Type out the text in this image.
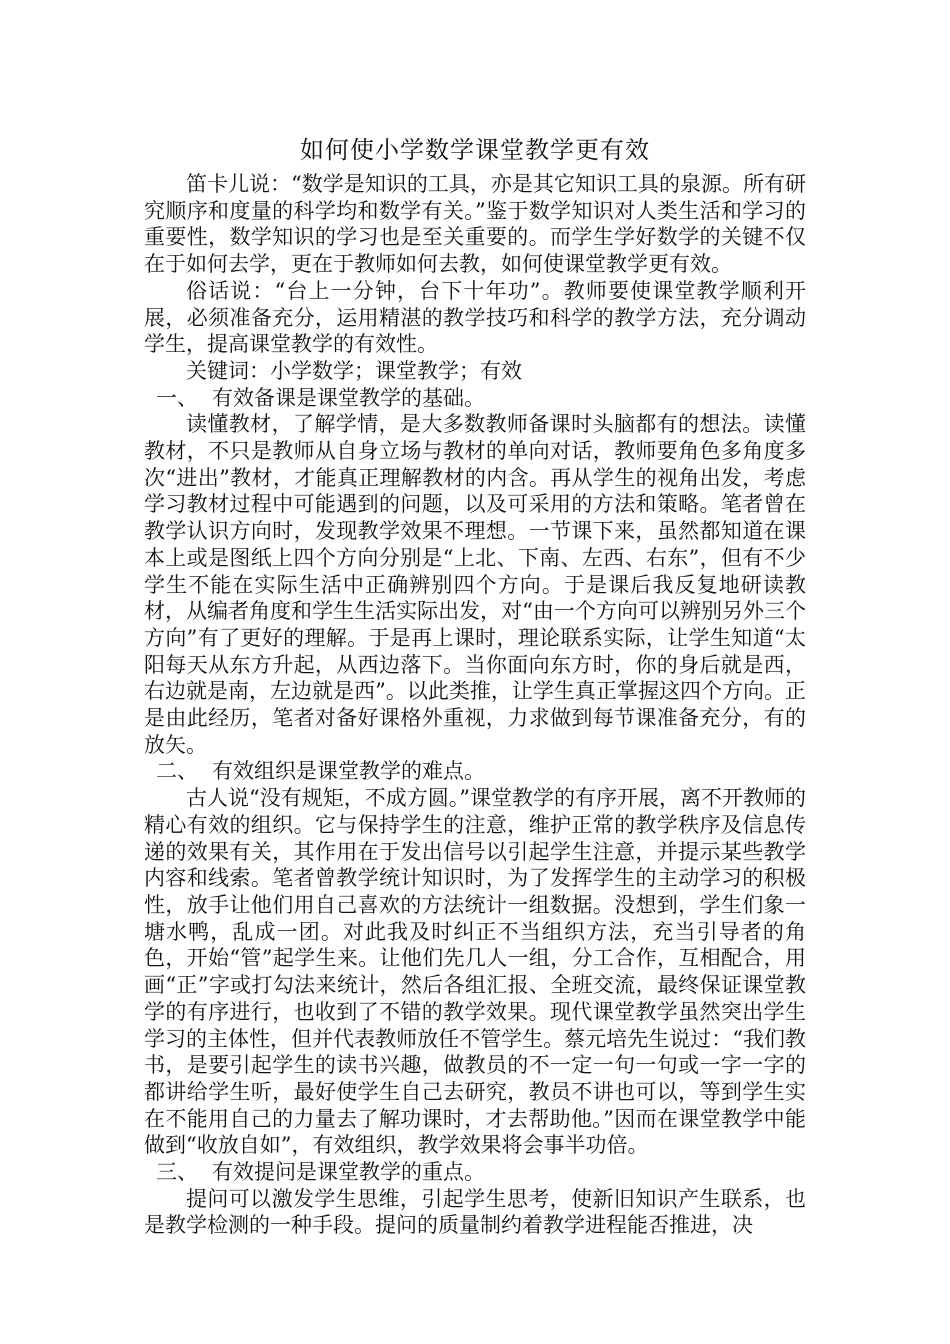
如何使小学数学课堂教学更有效

笛卡儿说：“数学是知识的工具，亦是其它知识工具的泉源。所有研究顺序和度量的科学均和数学有关。”鉴于数学知识对人类生活和学习的重要性，数学知识的学习也是至关重要的。而学生学好数学的关键不仅在于如何去学，更在于教师如何去教，如何使课堂教学更有效。

俗话说：“台上一分钟，台下十年功”。教师要使课堂教学顺利开展，必须准备充分，运用精湛的教学技巧和科学的教学方法，充分调动学生，提高课堂教学的有效性。

关键词：小学数学；课堂教学；有效

一、 有效备课是课堂教学的基础。

读懂教材，了解学情，是大多数教师备课时头脑都有的想法。读懂教材，不只是教师从自身立场与教材的单向对话，教师要角色多角度多次“进出”教材，才能真正理解教材的内含。再从学生的视角出发，考虑学习教材过程中可能遇到的问题，以及可采用的方法和策略。笔者曾在教学认识方向时，发现教学效果不理想。一节课下来，虽然都知道在课本上或是图纸上四个方向分别是“上北、下南、左西、右东”，但有不少学生不能在实际生活中正确辨别四个方向。于是课后我反复地研读教材，从编者角度和学生生活实际出发，对“由一个方向可以辨别另外三个方向”有了更好的理解。于是再上课时，理论联系实际，让学生知道“太阳每天从东方升起，从西边落下。当你面向东方时，你的身后就是西，右边就是南，左边就是西”。以此类推，让学生真正掌握这四个方向。正是由此经历，笔者对备好课格外重视，力求做到每节课准备充分，有的放矢。

二、 有效组织是课堂教学的难点。

古人说“没有规矩，不成方圆。”课堂教学的有序开展，离不开教师的精心有效的组织。它与保持学生的注意，维护正常的教学秩序及信息传递的效果有关，其作用在于发出信号以引起学生注意，并提示某些教学内容和线索。笔者曾教学统计知识时，为了发挥学生的主动学习的积极性，放手让他们用自己喜欢的方法统计一组数据。没想到，学生们象一塘水鸭，乱成一团。对此我及时纠正不当组织方法，充当引导者的角色，开始“管”起学生来。让他们先几人一组，分工合作，互相配合，用画“正”字或打勾法来统计，然后各组汇报、全班交流，最终保证课堂教学的有序进行，也收到了不错的教学效果。现代课堂教学虽然突出学生学习的主体性，但并代表教师放任不管学生。蔡元培先生说过：“我们教书，是要引起学生的读书兴趣，做教员的不一定一句一句或一字一字的都讲给学生听，最好使学生自己去研究，教员不讲也可以，等到学生实在不能用自己的力量去了解功课时，才去帮助他。”因而在课堂教学中能做到“收放自如”，有效组织，教学效果将会事半功倍。

三、 有效提问是课堂教学的重点。

提问可以激发学生思维，引起学生思考，使新旧知识产生联系，也是教学检测的一种手段。提问的质量制约着教学进程能否推进，决
